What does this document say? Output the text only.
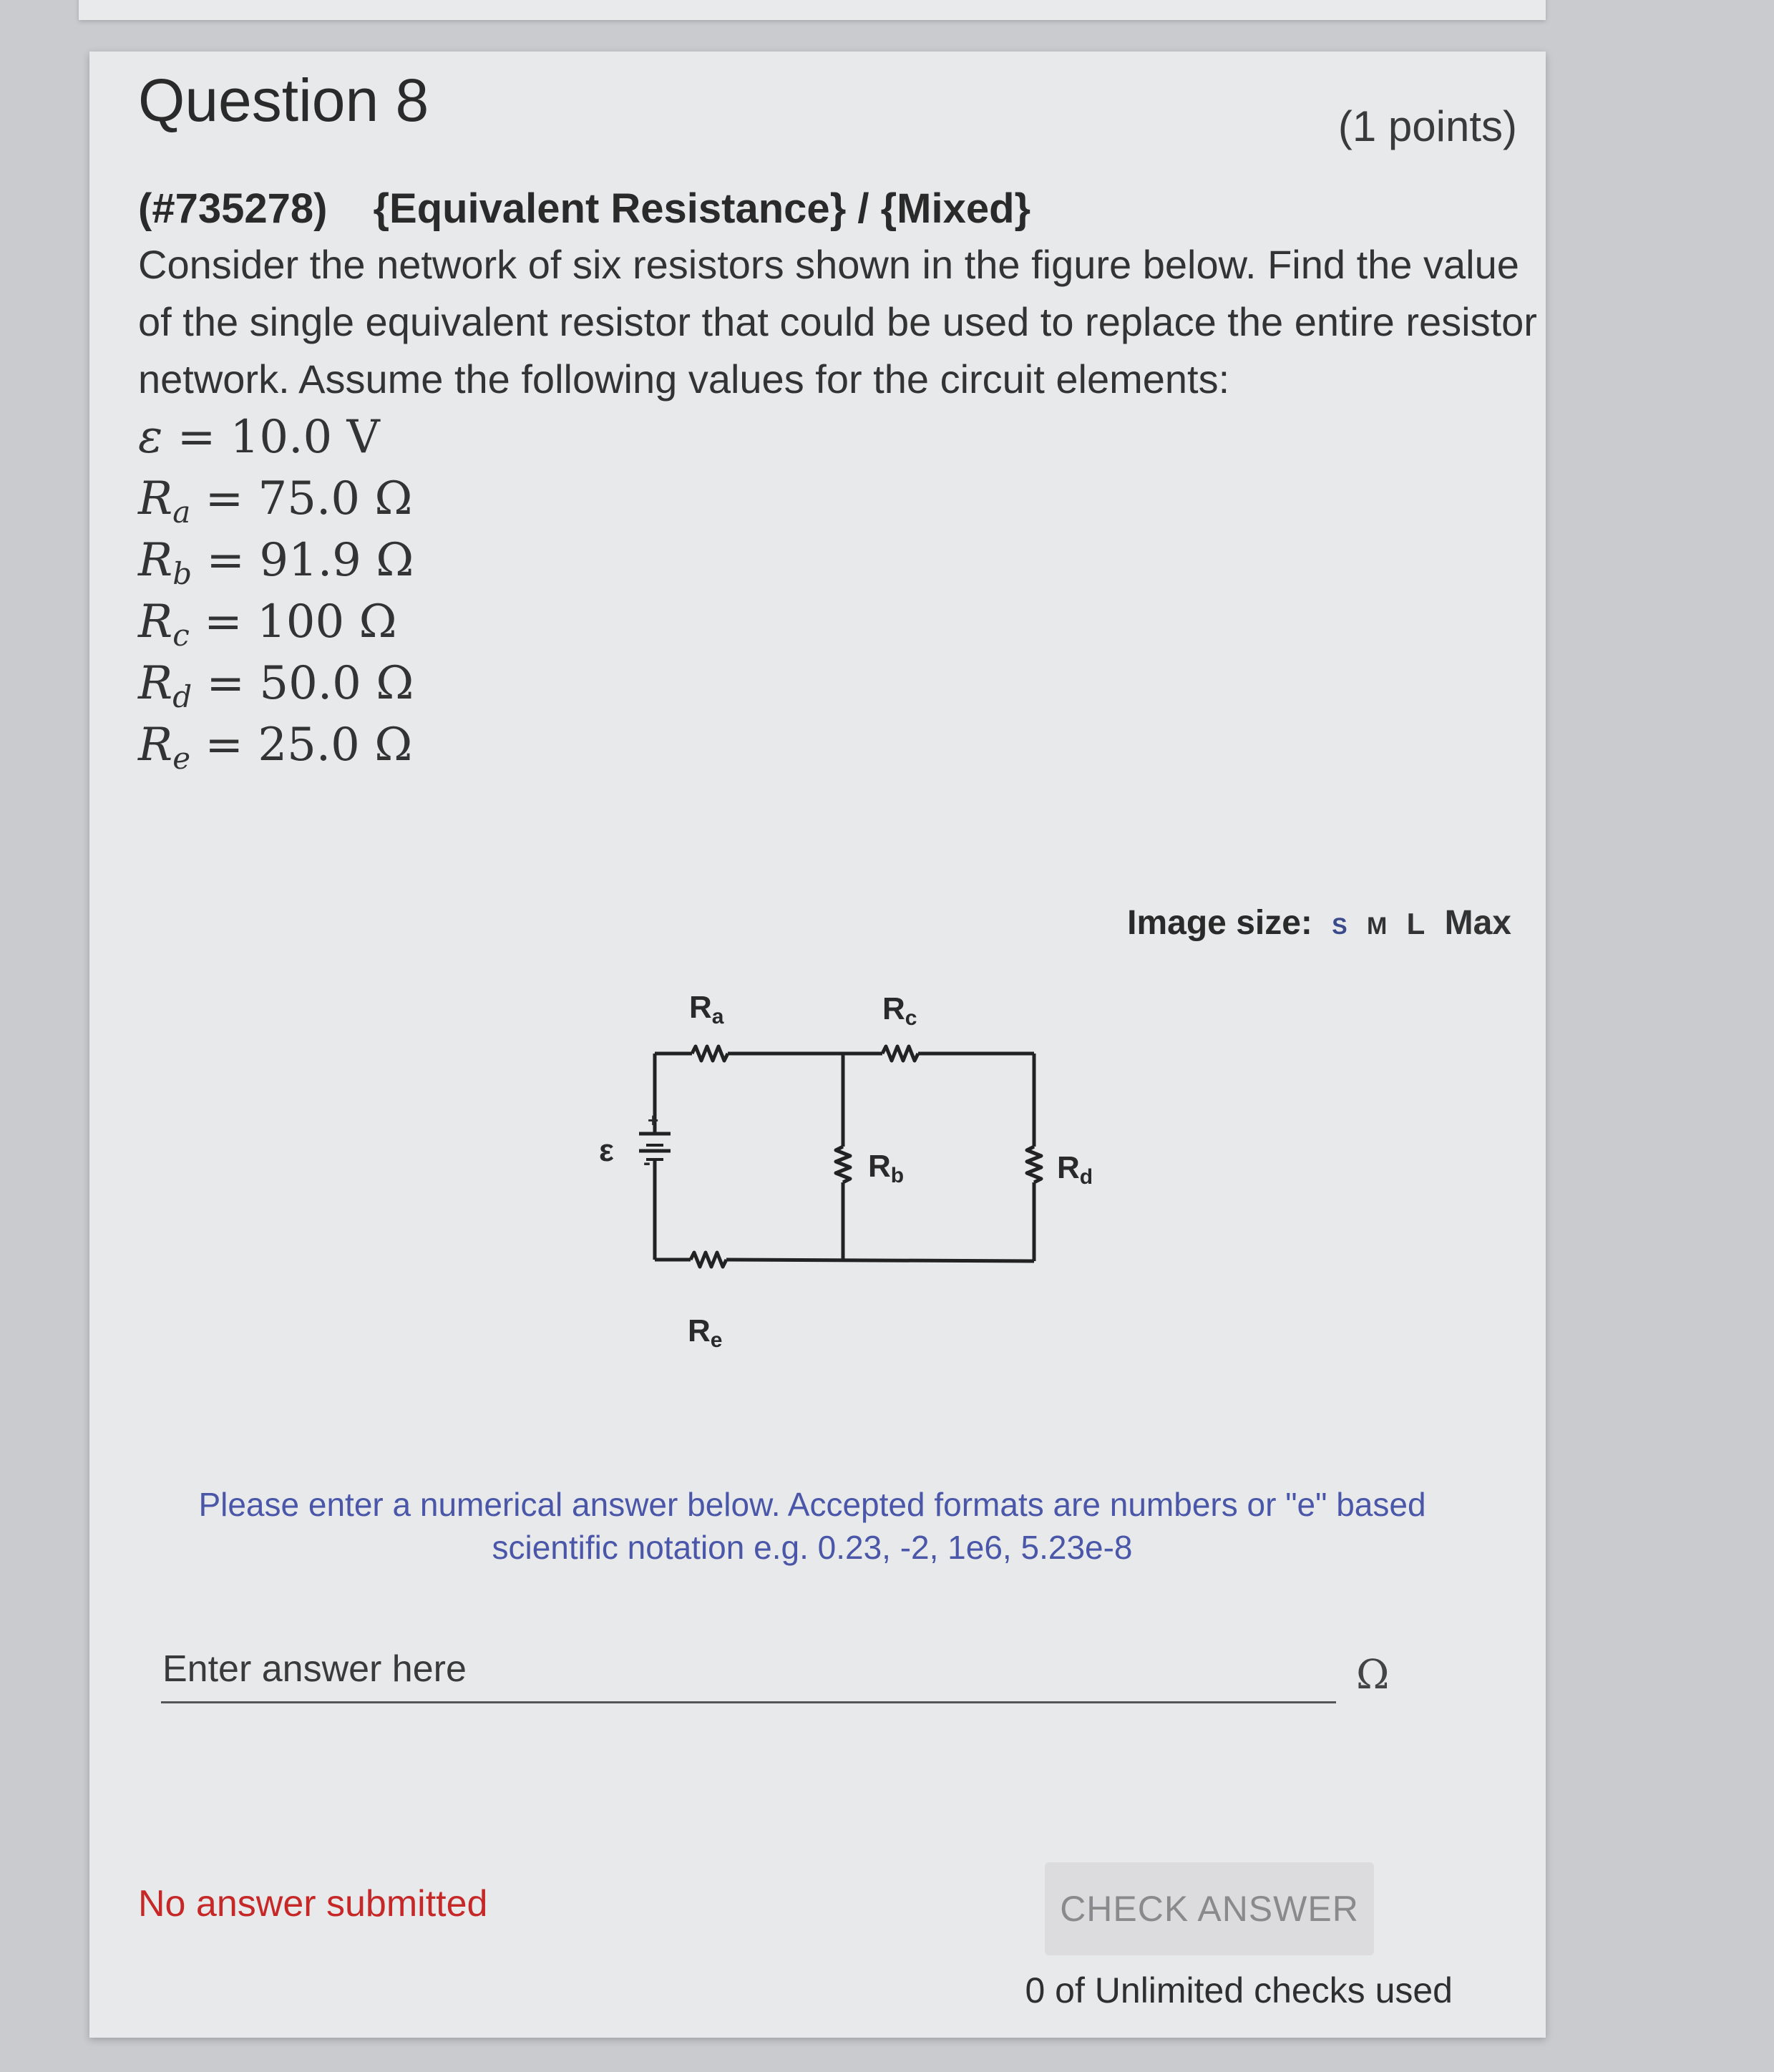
Question 8	(1 points)
(#735278) {Equivalent Resistance} / {Mixed}
Consider the network of six resistors shown in the figure below. Find the value of the single equivalent resistor that could be used to replace the entire resistor network. Assume the following values for the circuit elements:
ε = 10.0 V
$R_a = 75.0$ Ω
$R_b = 91.9$ Ω
$R_c = 100$ Ω
$R_d = 50.0$ Ω
$R_e = 25.0$ Ω
Image size: S M L Max
+
-
ε
Ra	Rc
Rb	Rd
Re
Please enter a numerical answer below. Accepted formats are numbers or "e" based scientific notation e.g. 0.23, -2, 1e6, 5.23e-8
Enter answer here
Ω
No answer submitted	CHECK ANSWER
0 of Unlimited checks used
